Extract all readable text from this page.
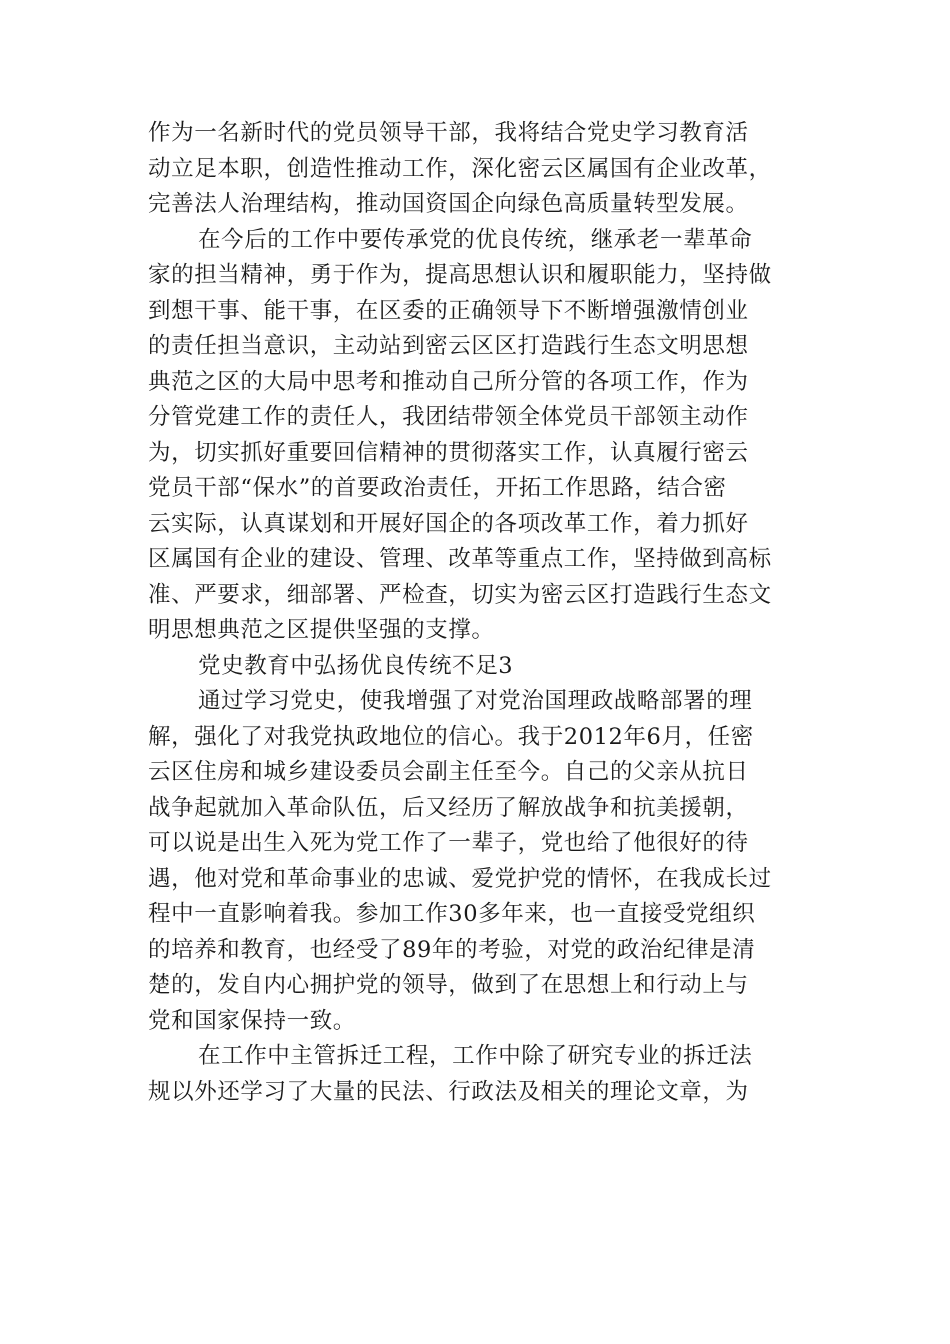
作为一名新时代的党员领导干部，我将结合党史学习教育活
动立足本职，创造性推动工作，深化密云区属国有企业改革，
完善法人治理结构，推动国资国企向绿色高质量转型发展。
在今后的工作中要传承党的优良传统，继承老一辈革命
家的担当精神，勇于作为，提高思想认识和履职能力，坚持做
到想干事、能干事，在区委的正确领导下不断增强激情创业
的责任担当意识，主动站到密云区区打造践行生态文明思想
典范之区的大局中思考和推动自己所分管的各项工作，作为
分管党建工作的责任人，我团结带领全体党员干部领主动作
为，切实抓好重要回信精神的贯彻落实工作，认真履行密云
党员干部“保水”的首要政治责任，开拓工作思路，结合密
云实际，认真谋划和开展好国企的各项改革工作，着力抓好
区属国有企业的建设、管理、改革等重点工作，坚持做到高标
准、严要求，细部署、严检查，切实为密云区打造践行生态文
明思想典范之区提供坚强的支撑。
党史教育中弘扬优良传统不足3
通过学习党史，使我增强了对党治国理政战略部署的理
解，强化了对我党执政地位的信心。我于2012年6月，任密
云区住房和城乡建设委员会副主任至今。自己的父亲从抗日
战争起就加入革命队伍，后又经历了解放战争和抗美援朝，
可以说是出生入死为党工作了一辈子，党也给了他很好的待
遇，他对党和革命事业的忠诚、爱党护党的情怀，在我成长过
程中一直影响着我。参加工作30多年来，也一直接受党组织
的培养和教育，也经受了89年的考验，对党的政治纪律是清
楚的，发自内心拥护党的领导，做到了在思想上和行动上与
党和国家保持一致。
在工作中主管拆迁工程，工作中除了研究专业的拆迁法
规以外还学习了大量的民法、行政法及相关的理论文章，为
